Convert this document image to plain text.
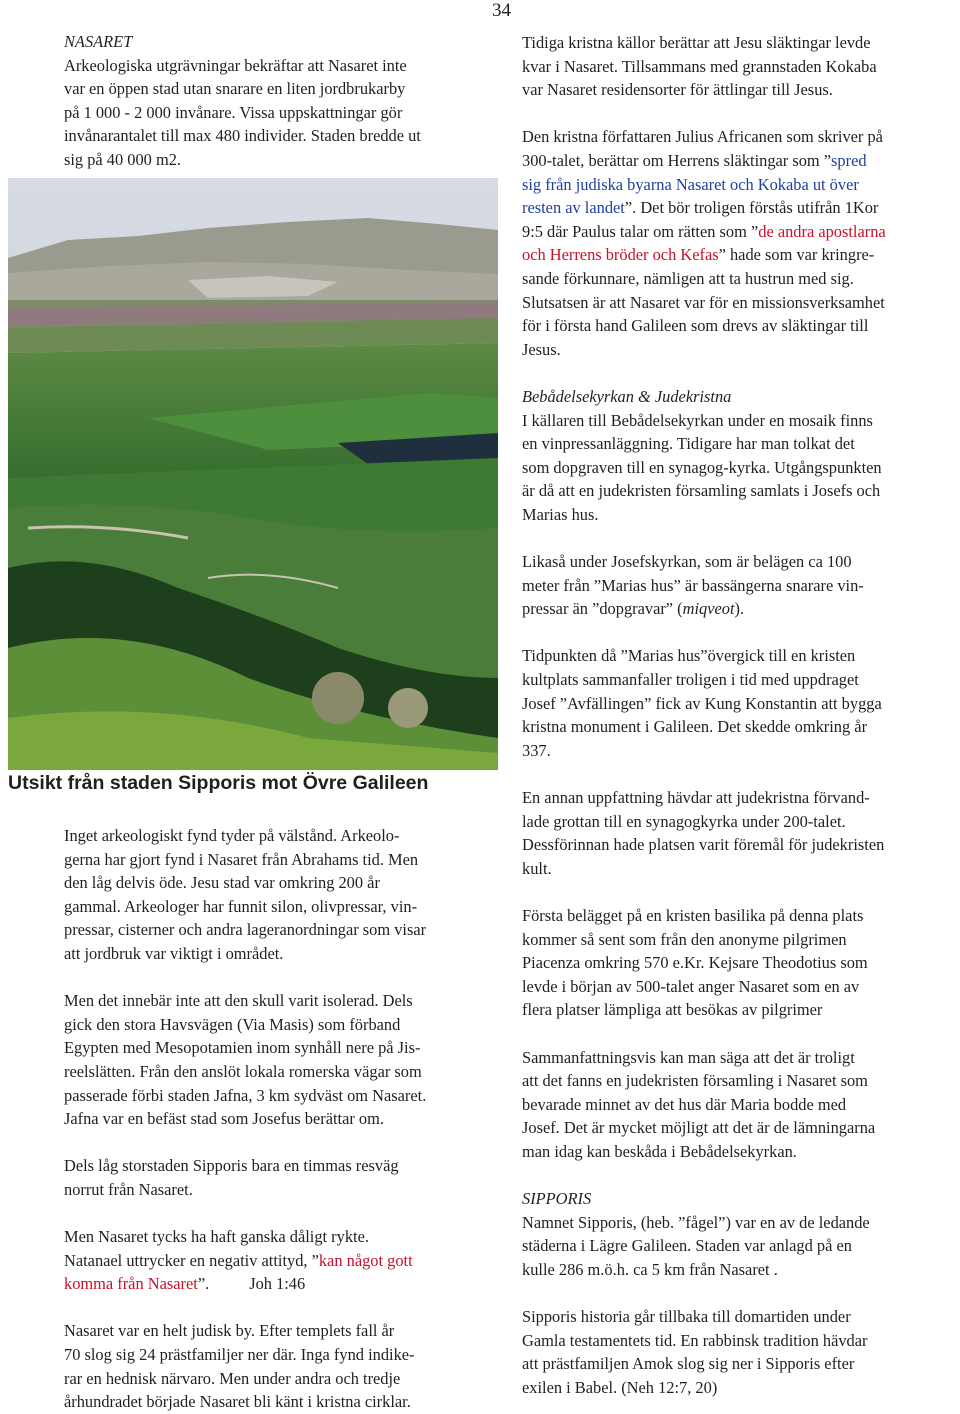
34

NASARET

Arkeologiska utgrävningar bekräftar att Nasaret inte

var en öppen stad utan snarare en liten jordbrukarby

på 1 000 - 2 000 invånare. Vissa uppskattningar gör

invånarantalet till max 480 individer. Staden bredde ut

sig på 40 000 m2.

Utsikt från staden Sipporis mot Övre Galileen

Inget arkeologiskt fynd tyder på välstånd. Arkeolo-

gerna har gjort fynd i Nasaret från Abrahams tid. Men

den låg delvis öde. Jesu stad var omkring 200 år

gammal. Arkeologer har funnit silon, olivpressar, vin-

pressar, cisterner och andra lageranordningar som visar

att jordbruk var viktigt i området.

Men det innebär inte att den skull varit isolerad. Dels

gick den stora Havsvägen (Via Masis) som förband

Egypten med Mesopotamien inom synhåll nere på Jis-

reelslätten. Från den anslöt lokala romerska vägar som

passerade förbi staden Jafna, 3 km sydväst om Nasaret.

Jafna var en befäst stad som Josefus berättar om.

Dels låg storstaden Sipporis bara en timmas resväg

norrut från Nasaret.

Men Nasaret tycks ha haft ganska dåligt rykte.

Natanael uttrycker en negativ attityd, ”kan något gott

komma från Nasaret”. Joh 1:46

Nasaret var en helt judisk by. Efter templets fall år

70 slog sig 24 prästfamiljer ner där. Inga fynd indike-

rar en hednisk närvaro. Men under andra och tredje

århundradet började Nasaret bli känt i kristna cirklar.

Tidiga kristna källor berättar att Jesu släktingar levde

kvar i Nasaret. Tillsammans med grannstaden Kokaba

var Nasaret residensorter för ättlingar till Jesus.

Den kristna författaren Julius Africanen som skriver på

300-talet, berättar om Herrens släktingar som ”spred

sig från judiska byarna Nasaret och Kokaba ut över

resten av landet”. Det bör troligen förstås utifrån 1Kor

9:5 där Paulus talar om rätten som ”de andra apostlarna

och Herrens bröder och Kefas” hade som var kringre-

sande förkunnare, nämligen att ta hustrun med sig.

Slutsatsen är att Nasaret var för en missionsverksamhet

för i första hand Galileen som drevs av släktingar till

Jesus.

Bebådelsekyrkan & Judekristna

I källaren till Bebådelsekyrkan under en mosaik finns

en vinpressanläggning. Tidigare har man tolkat det

som dopgraven till en synagog-kyrka. Utgångspunkten

är då att en judekristen församling samlats i Josefs och

Marias hus.

Likaså under Josefskyrkan, som är belägen ca 100

meter från ”Marias hus” är bassängerna snarare vin-

pressar än ”dopgravar” (miqveot).

Tidpunkten då ”Marias hus”övergick till en kristen

kultplats sammanfaller troligen i tid med uppdraget

Josef ”Avfällingen” fick av Kung Konstantin att bygga

kristna monument i Galileen. Det skedde omkring år

337.

En annan uppfattning hävdar att judekristna förvand-

lade grottan till en synagogkyrka under 200-talet.

Dessförinnan hade platsen varit föremål för judekristen

kult.

Första belägget på en kristen basilika på denna plats

kommer så sent som från den anonyme pilgrimen

Piacenza omkring 570 e.Kr. Kejsare Theodotius som

levde i början av 500-talet anger Nasaret som en av

flera platser lämpliga att besökas av pilgrimer

Sammanfattningsvis kan man säga att det är troligt

att det fanns en judekristen församling i Nasaret som

bevarade minnet av det hus där Maria bodde med

Josef. Det är mycket möjligt att det är de lämningarna

man idag kan beskåda i Bebådelsekyrkan.

SIPPORIS

Namnet Sipporis, (heb. ”fågel”) var en av de ledande

städerna i Lägre Galileen. Staden var anlagd på en

kulle 286 m.ö.h. ca 5 km från Nasaret .

Sipporis historia går tillbaka till domartiden under

Gamla testamentets tid. En rabbinsk tradition hävdar

att prästfamiljen Amok slog sig ner i Sipporis efter

exilen i Babel. (Neh 12:7, 20)
